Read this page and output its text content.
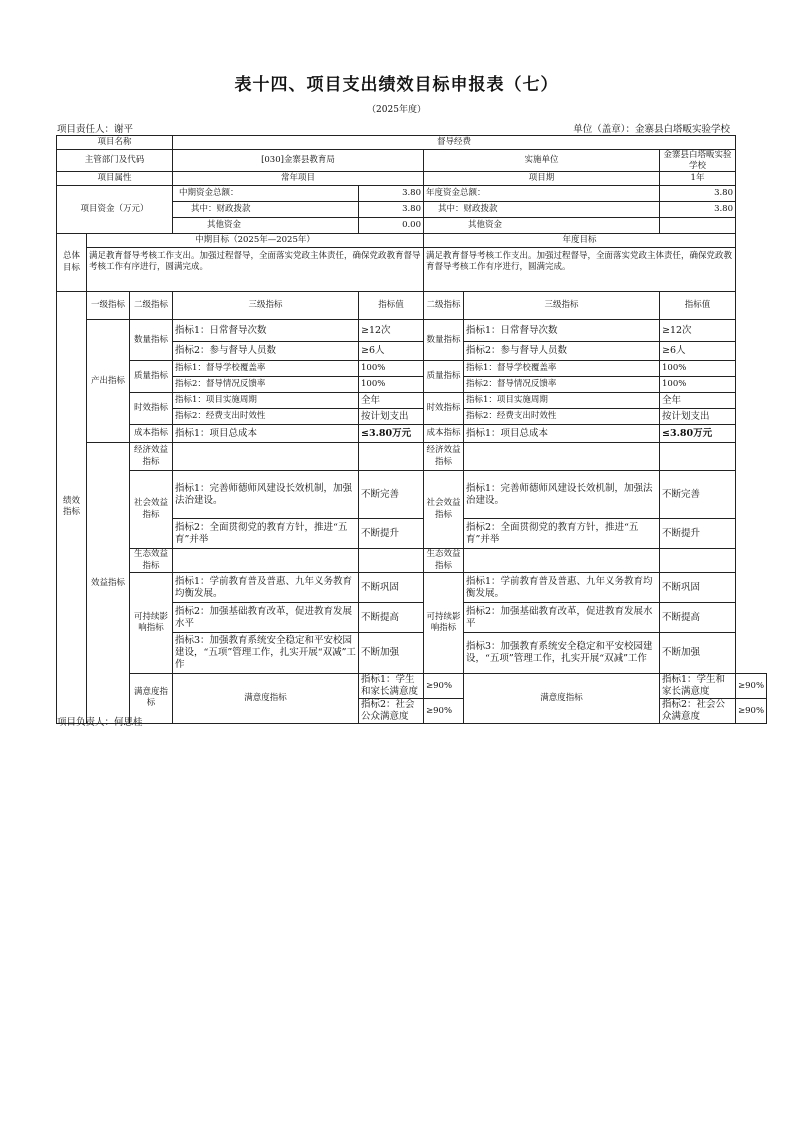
表十四、项目支出绩效目标申报表（七）
（2025年度）
项目责任人：谢平	单位（盖章）：金寨县白塔畈实验学校
项目名称			督导经费					
主管部门及代码			[030]金寨县教育局		实施单位		金寨县白塔畈实验学校	
项目属性			常年项目		项目期		1年	
项目资金（万元）			中期资金总额：	3.80	年度资金总额：		3.80	
			其中：财政拨款	3.80	其中：财政拨款		3.80	
			其他资金	0.00	其他资金			
总体目标	中期目标（2025年—2025年）				年度目标			
	满足教育督导考核工作支出。加强过程督导，全面落实党政主体责任，确保党政教育督导考核工作有序进行，圆满完成。				满足教育督导考核工作支出。加强过程督导，全面落实党政主体责任，确保党政教育督导考核工作有序进行，圆满完成。			
绩效指标	一级指标	二级指标	三级指标	指标值	二级指标	三级指标	指标值	
	产出指标	数量指标	指标1：日常督导次数	≥12次	数量指标	指标1：日常督导次数	≥12次	
			指标2：参与督导人员数	≥6人		指标2：参与督导人员数	≥6人	
		质量指标	指标1：督导学校覆盖率	100%	质量指标	指标1：督导学校覆盖率	100%	
			指标2：督导情况反馈率	100%		指标2：督导情况反馈率	100%	
		时效指标	指标1：项目实施周期	全年	时效指标	指标1：项目实施周期	全年	
			指标2：经费支出时效性	按计划支出		指标2：经费支出时效性	按计划支出	
		成本指标	指标1：项目总成本	≤3.80万元	成本指标	指标1：项目总成本	≤3.80万元	
	效益指标	经济效益指标			经济效益指标			
		社会效益指标	指标1：完善师德师风建设长效机制，加强法治建设。	不断完善	社会效益指标	指标1：完善师德师风建设长效机制，加强法治建设。	不断完善	
			指标2：全面贯彻党的教育方针，推进“五育”并举	不断提升		指标2：全面贯彻党的教育方针，推进“五育”并举	不断提升	
		生态效益指标			生态效益指标			
		可持续影响指标	指标1：学前教育普及普惠、九年义务教育均衡发展。	不断巩固	可持续影响指标	指标1：学前教育普及普惠、九年义务教育均衡发展。	不断巩固	
			指标2：加强基础教育改革，促进教育发展水平	不断提高		指标2：加强基础教育改革，促进教育发展水平	不断提高	
			指标3：加强教育系统安全稳定和平安校园建设，“五项”管理工作，扎实开展“双减”工作	不断加强		指标3：加强教育系统安全稳定和平安校园建设，“五项”管理工作，扎实开展“双减”工作	不断加强	
		满意度指标	满意度指标	指标1：学生和家长满意度	≥90%	满意度指标	指标1：学生和家长满意度	≥90%
				指标2：社会公众满意度	≥90%		指标2：社会公众满意度	≥90%
项目负责人：何思桂
